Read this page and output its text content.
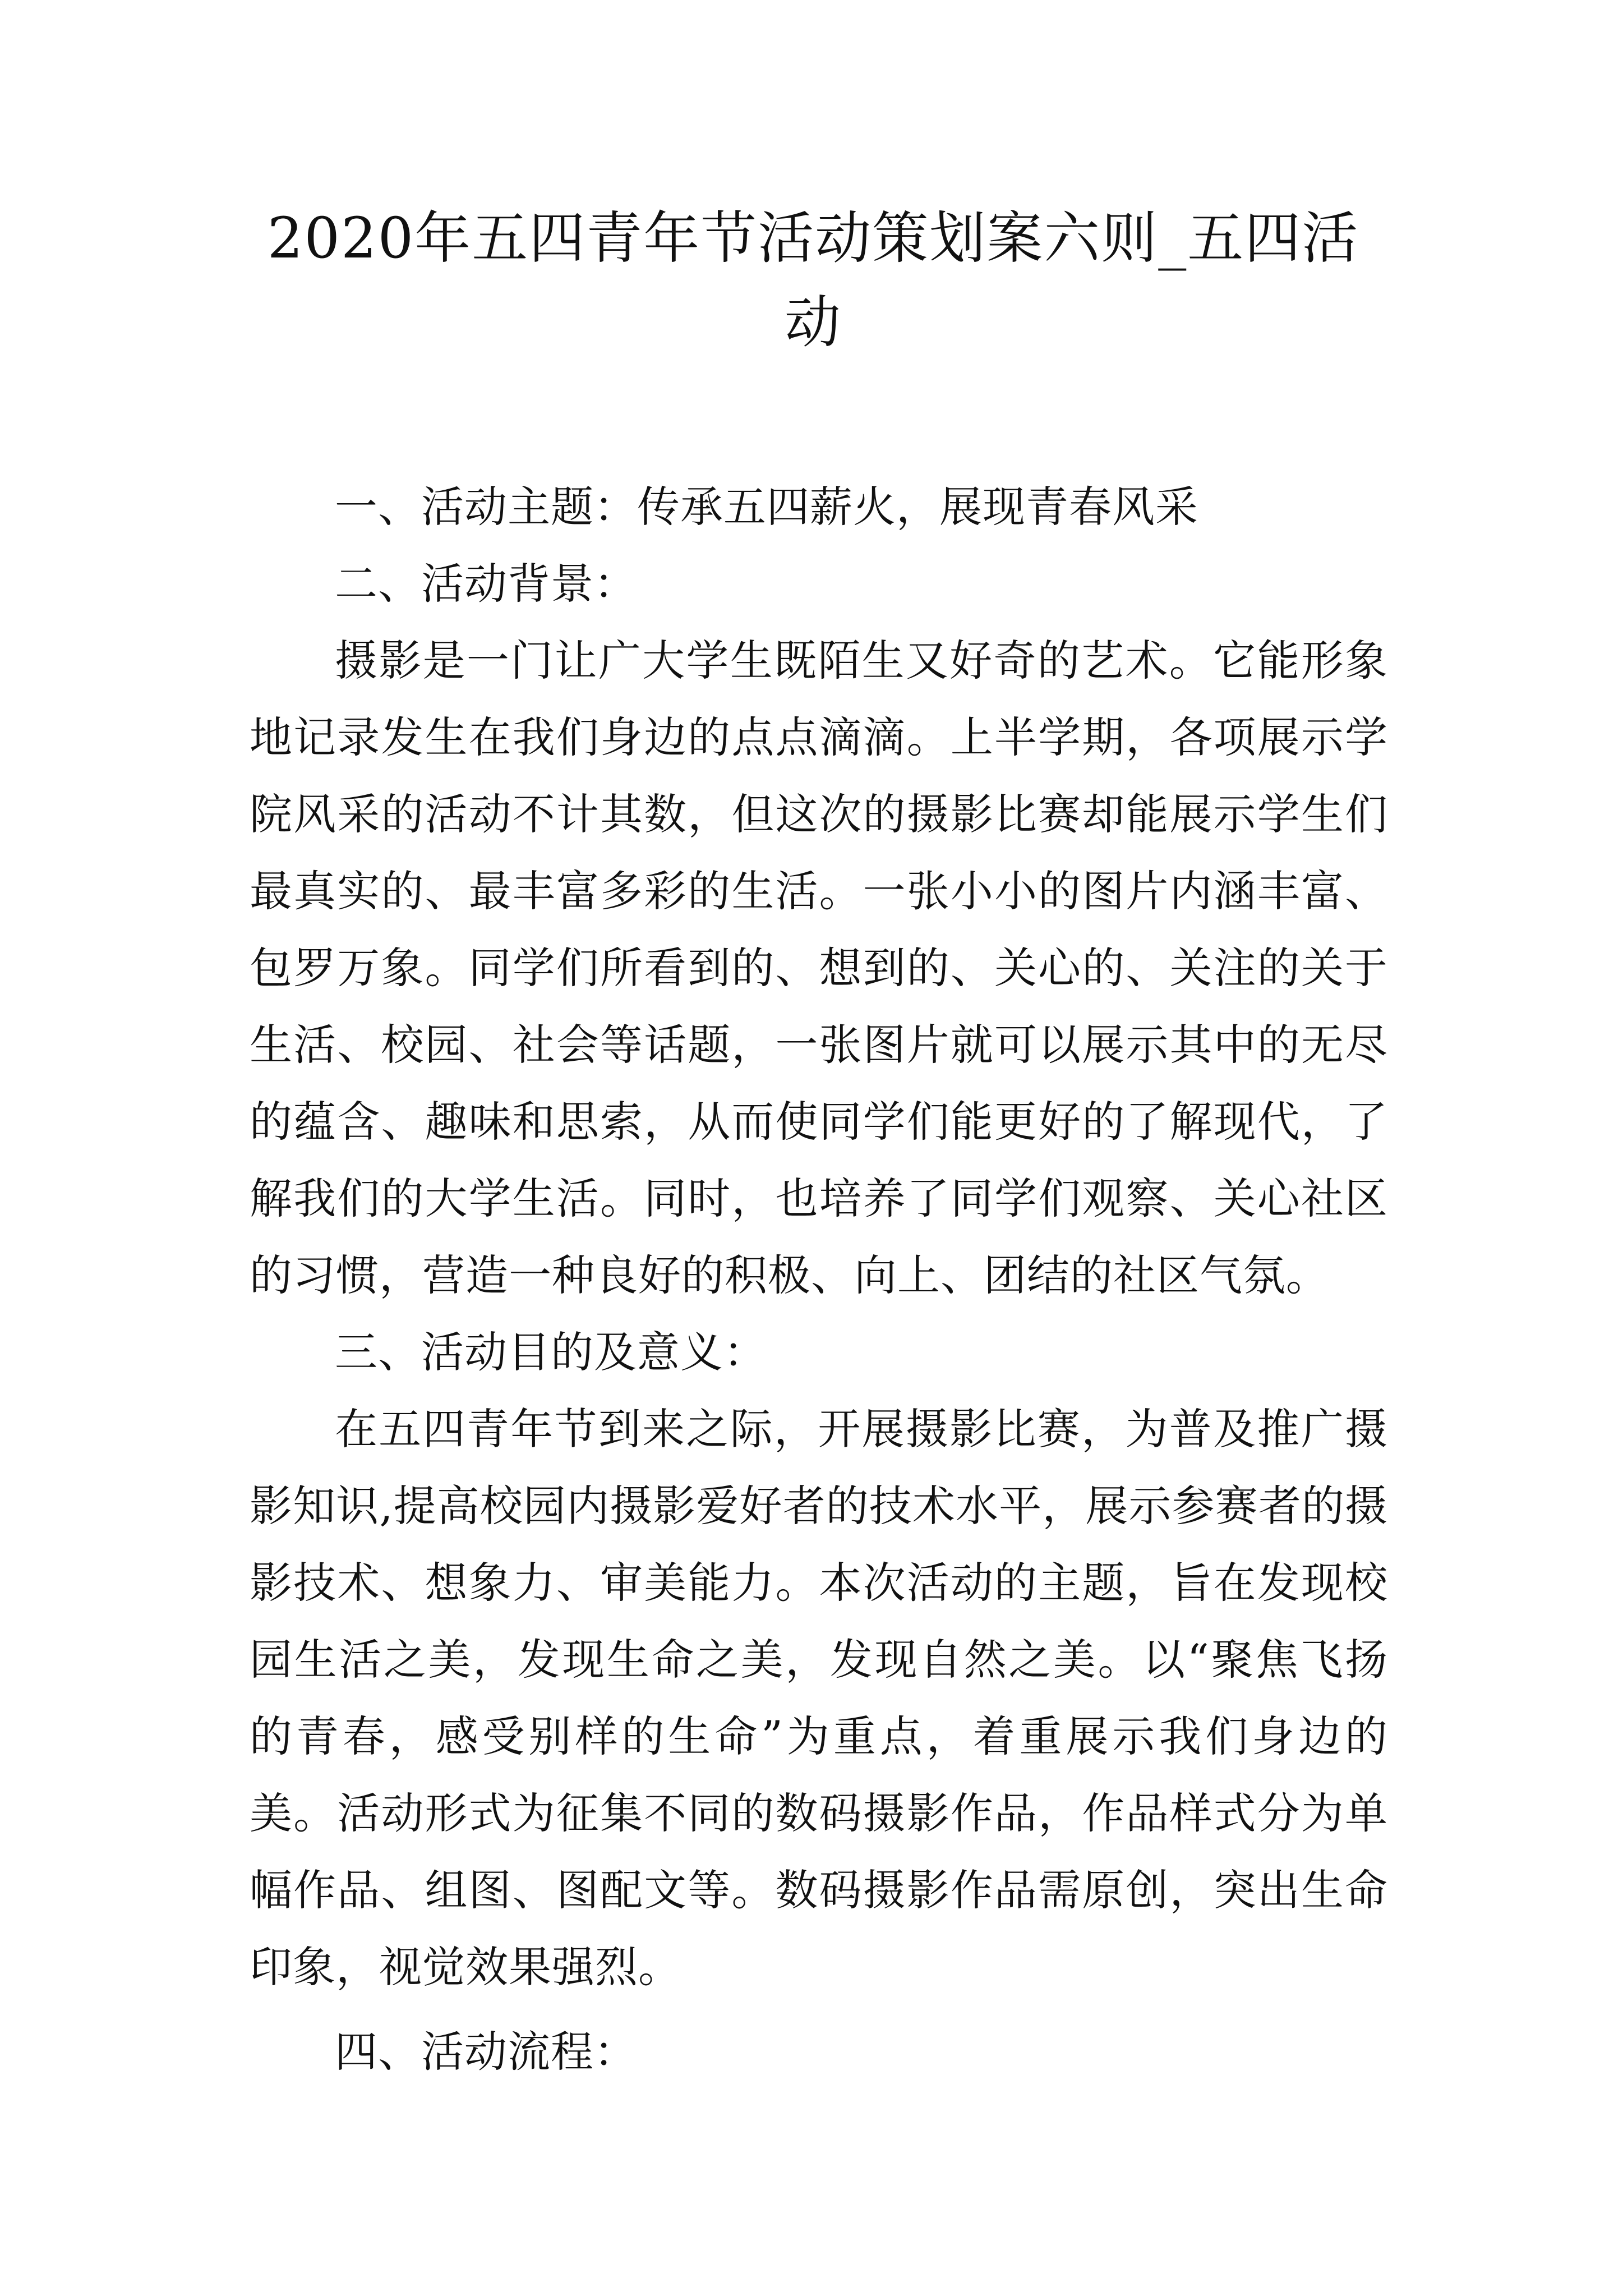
2020年五四青年节活动策划案六则_五四活动

一、活动主题：传承五四薪火，展现青春风采

二、活动背景：

摄影是一门让广大学生既陌生又好奇的艺术。它能形象地记录发生在我们身边的点点滴滴。上半学期，各项展示学院风采的活动不计其数，但这次的摄影比赛却能展示学生们最真实的、最丰富多彩的生活。一张小小的图片内涵丰富、包罗万象。同学们所看到的、想到的、关心的、关注的关于生活、校园、社会等话题，一张图片就可以展示其中的无尽的蕴含、趣味和思索，从而使同学们能更好的了解现代，了解我们的大学生活。同时，也培养了同学们观察、关心社区的习惯，营造一种良好的积极、向上、团结的社区气氛。

三、活动目的及意义：

在五四青年节到来之际，开展摄影比赛，为普及推广摄影知识,提高校园内摄影爱好者的技术水平，展示参赛者的摄影技术、想象力、审美能力。本次活动的主题，旨在发现校园生活之美，发现生命之美，发现自然之美。以“聚焦飞扬的青春，感受别样的生命”为重点，着重展示我们身边的美。活动形式为征集不同的数码摄影作品，作品样式分为单幅作品、组图、图配文等。数码摄影作品需原创，突出生命印象，视觉效果强烈。

四、活动流程：
